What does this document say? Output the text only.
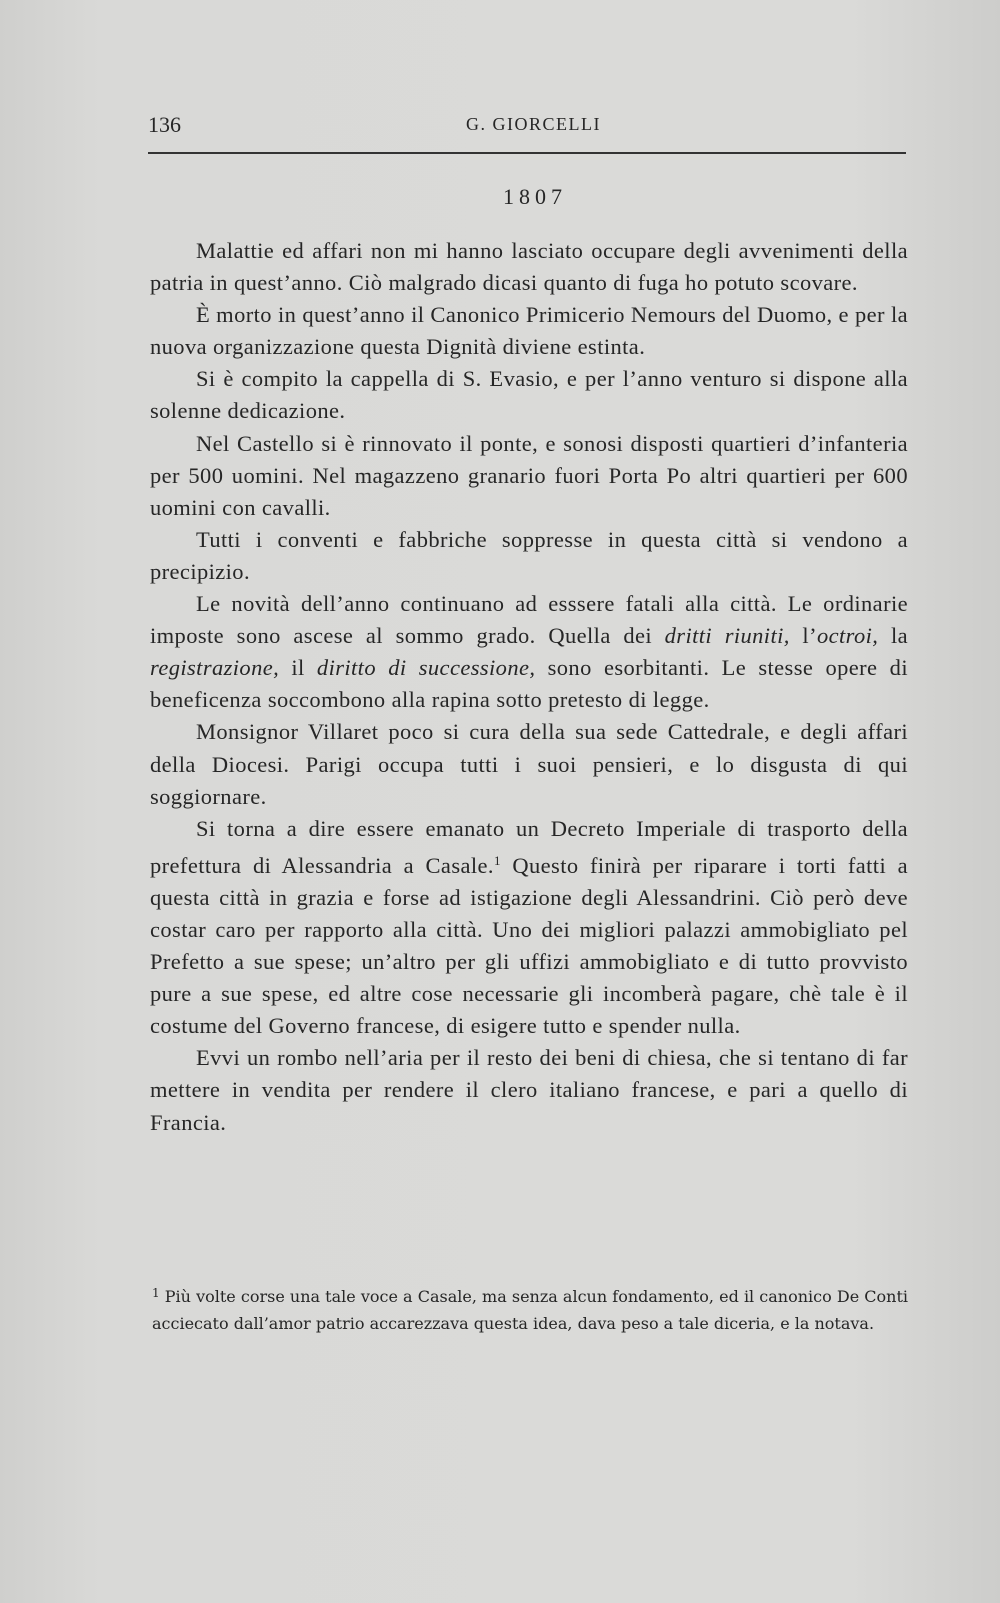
136	G. GIORCELLI
1807

Malattie ed affari non mi hanno lasciato occupare degli avvenimenti della patria in quest’anno. Ciò malgrado dicasi quanto di fuga ho potuto scovare.

È morto in quest’anno il Canonico Primicerio Nemours del Duomo, e per la nuova organizzazione questa Dignità diviene estinta.

Si è compito la cappella di S. Evasio, e per l’anno venturo si dispone alla solenne dedicazione.

Nel Castello si è rinnovato il ponte, e sonosi disposti quartieri d’infanteria per 500 uomini. Nel magazzeno granario fuori Porta Po altri quartieri per 600 uomini con cavalli.

Tutti i conventi e fabbriche soppresse in questa città si vendono a precipizio.

Le novità dell’anno continuano ad esssere fatali alla città. Le ordinarie imposte sono ascese al sommo grado. Quella dei dritti riuniti, l’octroi, la registrazione, il diritto di successione, sono esorbitanti. Le stesse opere di beneficenza soccombono alla rapina sotto pretesto di legge.

Monsignor Villaret poco si cura della sua sede Cattedrale, e degli affari della Diocesi. Parigi occupa tutti i suoi pensieri, e lo disgusta di qui soggiornare.

Si torna a dire essere emanato un Decreto Imperiale di trasporto della prefettura di Alessandria a Casale.$^1$ Questo finirà per riparare i torti fatti a questa città in grazia e forse ad istigazione degli Alessandrini. Ciò però deve costar caro per rapporto alla città. Uno dei migliori palazzi ammobigliato pel Prefetto a sue spese; un’altro per gli uffizi ammobigliato e di tutto provvisto pure a sue spese, ed altre cose necessarie gli incomberà pagare, chè tale è il costume del Governo francese, di esigere tutto e spender nulla.

Evvi un rombo nell’aria per il resto dei beni di chiesa, che si tentano di far mettere in vendita per rendere il clero italiano francese, e pari a quello di Francia.

$^1$ Più volte corse una tale voce a Casale, ma senza alcun fondamento, ed il canonico De Conti acciecato dall’amor patrio accarezzava questa idea, dava peso a tale diceria, e la notava.
